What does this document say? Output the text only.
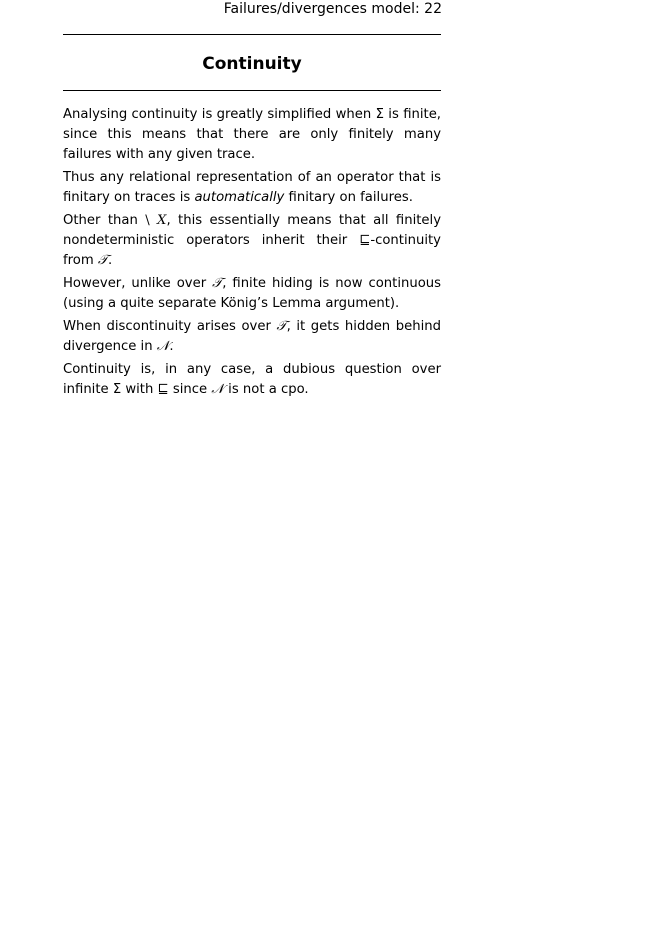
Failures/divergences model: 22
Continuity

Analysing continuity is greatly simplified when Σ is finite, since this means that there are only finitely many failures with any given trace.

Thus any relational representation of an operator that is finitary on traces is automatically finitary on failures.

Other than \ X, this essentially means that all finitely nondeterministic operators inherit their ⊑-continuity from 𝒯.

However, unlike over 𝒯, finite hiding is now continuous (using a quite separate König’s Lemma argument).

When discontinuity arises over 𝒯, it gets hidden behind divergence in 𝒩.

Continuity is, in any case, a dubious question over infinite Σ with ⊑ since 𝒩 is not a cpo.
